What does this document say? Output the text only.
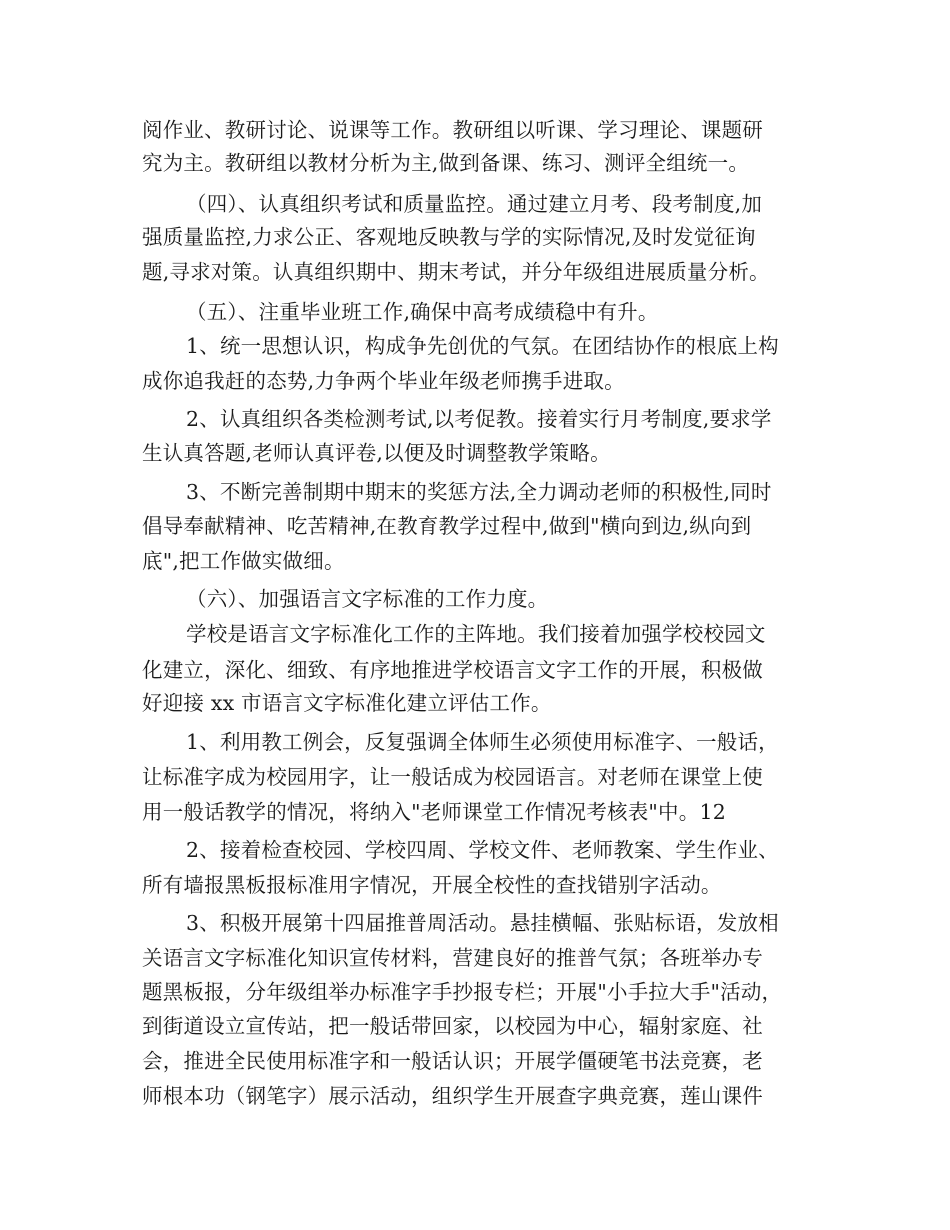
阅作业、教研讨论、说课等工作。教研组以听课、学习理论、课题研
究为主。教研组以教材分析为主,做到备课、练习、测评全组统一。
（四）、认真组织考试和质量监控。通过建立月考、段考制度,加
强质量监控,力求公正、客观地反映教与学的实际情况,及时发觉征询
题,寻求对策。认真组织期中、期末考试，并分年级组进展质量分析。
（五）、注重毕业班工作,确保中高考成绩稳中有升。
1、统一思想认识，构成争先创优的气氛。在团结协作的根底上构
成你追我赶的态势,力争两个毕业年级老师携手进取。
2、认真组织各类检测考试,以考促教。接着实行月考制度,要求学
生认真答题,老师认真评卷,以便及时调整教学策略。
3、不断完善制期中期末的奖惩方法,全力调动老师的积极性,同时
倡导奉献精神、吃苦精神,在教育教学过程中,做到"横向到边,纵向到
底",把工作做实做细。
（六）、加强语言文字标准的工作力度。
学校是语言文字标准化工作的主阵地。我们接着加强学校校园文
化建立，深化、细致、有序地推进学校语言文字工作的开展，积极做
好迎接 xx 市语言文字标准化建立评估工作。
1、利用教工例会，反复强调全体师生必须使用标准字、一般话，
让标准字成为校园用字，让一般话成为校园语言。对老师在课堂上使
用一般话教学的情况，将纳入"老师课堂工作情况考核表"中。12
2、接着检查校园、学校四周、学校文件、老师教案、学生作业、
所有墙报黑板报标准用字情况，开展全校性的查找错别字活动。
3、积极开展第十四届推普周活动。悬挂横幅、张贴标语，发放相
关语言文字标准化知识宣传材料，营建良好的推普气氛；各班举办专
题黑板报，分年级组举办标准字手抄报专栏；开展"小手拉大手"活动，
到街道设立宣传站，把一般话带回家，以校园为中心，辐射家庭、社
会，推进全民使用标准字和一般话认识；开展学僵硬笔书法竞赛，老
师根本功（钢笔字）展示活动，组织学生开展查字典竞赛，莲山课件
